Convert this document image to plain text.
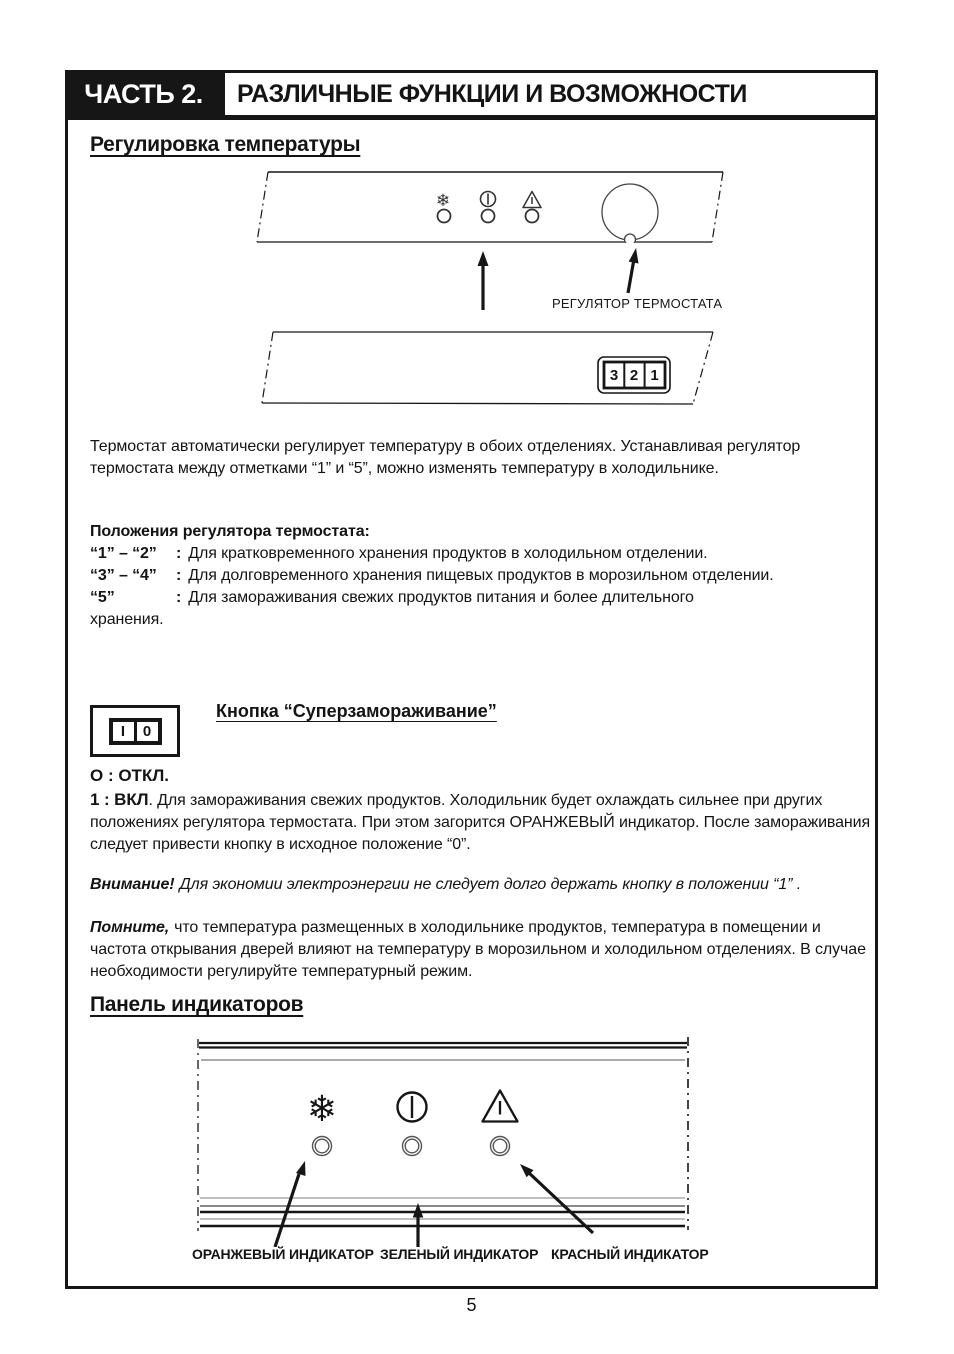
ЧАСТЬ 2.	РАЗЛИЧНЫЕ ФУНКЦИИ И ВОЗМОЖНОСТИ
Регулировка температуры
❄
РЕГУЛЯТОР ТЕРМОСТАТА
3 2 1
Термостат автоматически регулирует температуру в обоих отделениях. Устанавливая регулятор термостата между отметками “1” и “5”, можно изменять температуру в холодильнике.
Положения регулятора термостата:
“1” – “2” : Для кратковременного хранения продуктов в холодильном отделении.
“3” – “4” : Для долговременного хранения пищевых продуктов в морозильном отделении.
“5”	: Для замораживания свежих продуктов питания и более длительного
хранения.
I	0
Кнопка “Суперзамораживание”
О : ОТКЛ.
1 : ВКЛ. Для замораживания свежих продуктов. Холодильник будет охлаждать сильнее при других положениях регулятора термостата. При этом загорится ОРАНЖЕВЫЙ индикатор. После замораживания следует привести кнопку в исходное положение “0”.
Внимание! Для экономии электроэнергии не следует долго держать кнопку в положении “1” .
Помните, что температура размещенных в холодильнике продуктов, температура в помещении и частота открывания дверей влияют на температуру в морозильном и холодильном отделениях. В случае необходимости регулируйте температурный режим.
Панель индикаторов
❄
ОРАНЖЕВЫЙ ИНДИКАТОР ЗЕЛЕНЫЙ ИНДИКАТОР КРАСНЫЙ ИНДИКАТОР
5
